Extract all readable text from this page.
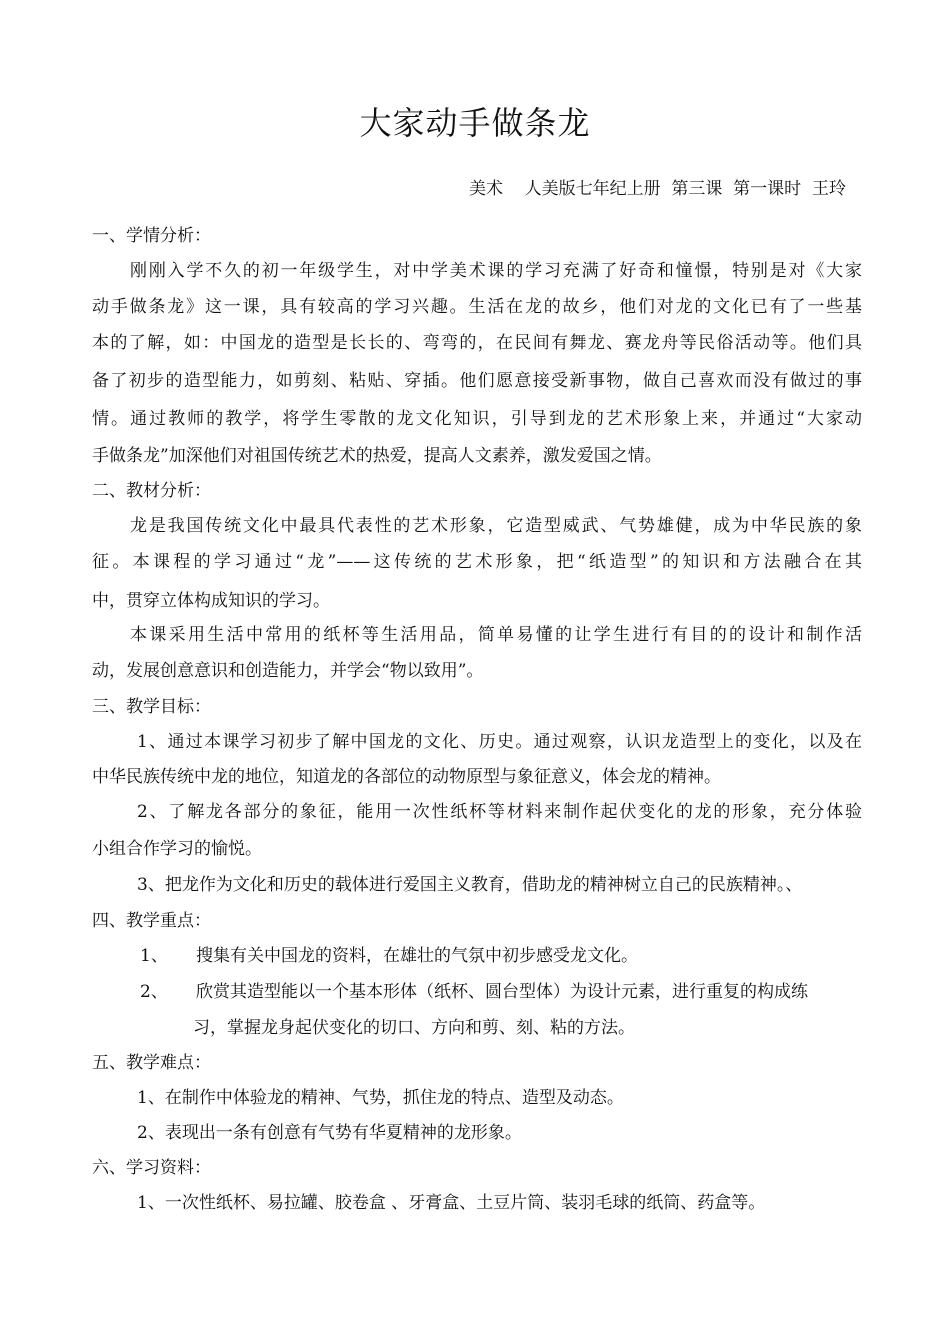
大家动手做条龙
美术    人美版七年纪上册  第三课  第一课时  王玲
一、学情分析：
刚刚入学不久的初一年级学生，对中学美术课的学习充满了好奇和憧憬，特别是对《大家
动手做条龙》这一课，具有较高的学习兴趣。生活在龙的故乡，他们对龙的文化已有了一些基
本的了解，如：中国龙的造型是长长的、弯弯的，在民间有舞龙、赛龙舟等民俗活动等。他们具
备了初步的造型能力，如剪刻、粘贴、穿插。他们愿意接受新事物，做自己喜欢而没有做过的事
情。通过教师的教学，将学生零散的龙文化知识，引导到龙的艺术形象上来，并通过“大家动
手做条龙”加深他们对祖国传统艺术的热爱，提高人文素养，激发爱国之情。
二、教材分析：
龙是我国传统文化中最具代表性的艺术形象，它造型威武、气势雄健，成为中华民族的象
征。本课程的学习通过“龙”——这传统的艺术形象，把“纸造型”的知识和方法融合在其
中，贯穿立体构成知识的学习。
本课采用生活中常用的纸杯等生活用品，简单易懂的让学生进行有目的的设计和制作活
动，发展创意意识和创造能力，并学会“物以致用”。
三、教学目标：
1、通过本课学习初步了解中国龙的文化、历史。通过观察，认识龙造型上的变化，以及在
中华民族传统中龙的地位，知道龙的各部位的动物原型与象征意义，体会龙的精神。
2、了解龙各部分的象征，能用一次性纸杯等材料来制作起伏变化的龙的形象，充分体验
小组合作学习的愉悦。
3、把龙作为文化和历史的载体进行爱国主义教育，借助龙的精神树立自己的民族精神。、
四、教学重点：
1、 搜集有关中国龙的资料，在雄壮的气氛中初步感受龙文化。
2、 欣赏其造型能以一个基本形体（纸杯、圆台型体）为设计元素，进行重复的构成练
习，掌握龙身起伏变化的切口、方向和剪、刻、粘的方法。
五、教学难点：
1、在制作中体验龙的精神、气势，抓住龙的特点、造型及动态。
2、表现出一条有创意有气势有华夏精神的龙形象。
六、学习资料：
1、一次性纸杯、易拉罐、胶卷盒 、牙膏盒、土豆片筒、装羽毛球的纸筒、药盒等。
